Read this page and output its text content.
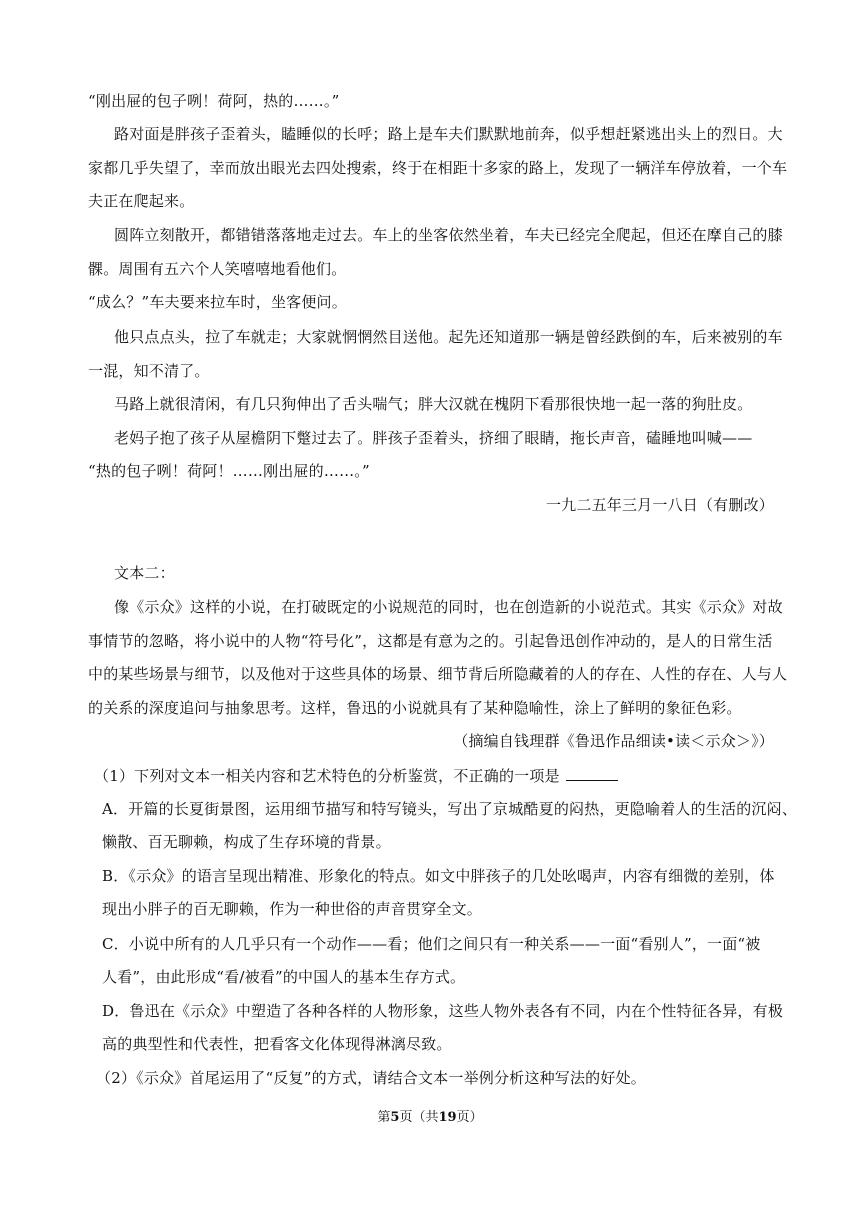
“刚出屉的包子咧！荷阿，热的……。”
路对面是胖孩子歪着头，瞌睡似的长呼；路上是车夫们默默地前奔，似乎想赶紧逃出头上的烈日。大
家都几乎失望了，幸而放出眼光去四处搜索，终于在相距十多家的路上，发现了一辆洋车停放着，一个车
夫正在爬起来。
圆阵立刻散开，都错错落落地走过去。车上的坐客依然坐着，车夫已经完全爬起，但还在摩自己的膝
髁。周围有五六个人笑嘻嘻地看他们。
“成么？”车夫要来拉车时，坐客便问。
他只点点头，拉了车就走；大家就惘惘然目送他。起先还知道那一辆是曾经跌倒的车，后来被别的车
一混，知不清了。
马路上就很清闲，有几只狗伸出了舌头喘气；胖大汉就在槐阴下看那很快地一起一落的狗肚皮。
老妈子抱了孩子从屋檐阴下蹩过去了。胖孩子歪着头，挤细了眼睛，拖长声音，磕睡地叫喊——
“热的包子咧！荷阿！……刚出屉的……。”
一九二五年三月一八日（有删改）
文本二：
像《示众》这样的小说，在打破既定的小说规范的同时，也在创造新的小说范式。其实《示众》对故
事情节的忽略，将小说中的人物“符号化”，这都是有意为之的。引起鲁迅创作冲动的，是人的日常生活
中的某些场景与细节，以及他对于这些具体的场景、细节背后所隐藏着的人的存在、人性的存在、人与人
的关系的深度追问与抽象思考。这样，鲁迅的小说就具有了某种隐喻性，涂上了鲜明的象征色彩。
（摘编自钱理群《鲁迅作品细读•读＜示众＞》）
（1）下列对文本一相关内容和艺术特色的分析鉴赏，不正确的一项是
A．开篇的长夏街景图，运用细节描写和特写镜头，写出了京城酷夏的闷热，更隐喻着人的生活的沉闷、
懒散、百无聊赖，构成了生存环境的背景。
B．《示众》的语言呈现出精准、形象化的特点。如文中胖孩子的几处吆喝声，内容有细微的差别，体
现出小胖子的百无聊赖，作为一种世俗的声音贯穿全文。
C．小说中所有的人几乎只有一个动作——看；他们之间只有一种关系——一面“看别人”，一面“被
人看”，由此形成“看/被看”的中国人的基本生存方式。
D．鲁迅在《示众》中塑造了各种各样的人物形象，这些人物外表各有不同，内在个性特征各异，有极
高的典型性和代表性，把看客文化体现得淋漓尽致。
（2）《示众》首尾运用了“反复”的方式，请结合文本一举例分析这种写法的好处。
第5页（共19页）
